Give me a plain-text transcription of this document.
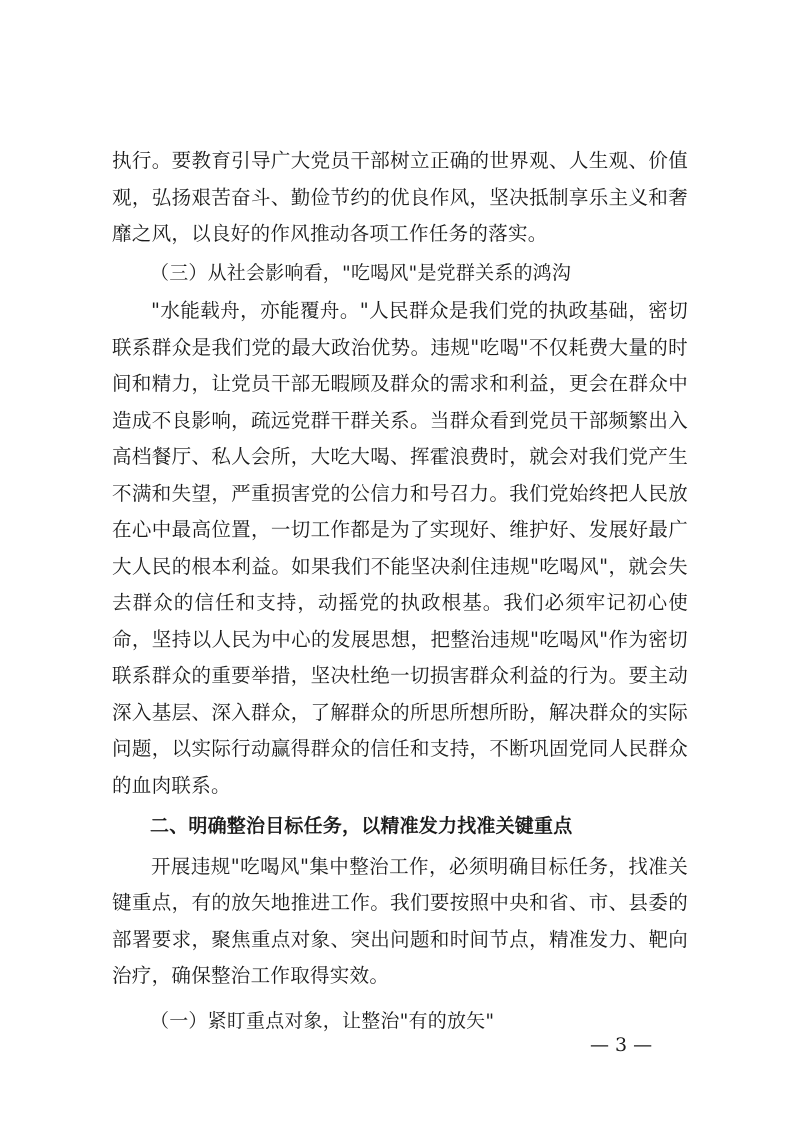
执行。要教育引导广大党员干部树立正确的世界观、人生观、价值观，弘扬艰苦奋斗、勤俭节约的优良作风，坚决抵制享乐主义和奢靡之风，以良好的作风推动各项工作任务的落实。

（三）从社会影响看，"吃喝风"是党群关系的鸿沟

"水能载舟，亦能覆舟。"人民群众是我们党的执政基础，密切联系群众是我们党的最大政治优势。违规"吃喝"不仅耗费大量的时间和精力，让党员干部无暇顾及群众的需求和利益，更会在群众中造成不良影响，疏远党群干群关系。当群众看到党员干部频繁出入高档餐厅、私人会所，大吃大喝、挥霍浪费时，就会对我们党产生不满和失望，严重损害党的公信力和号召力。我们党始终把人民放在心中最高位置，一切工作都是为了实现好、维护好、发展好最广大人民的根本利益。如果我们不能坚决刹住违规"吃喝风"，就会失去群众的信任和支持，动摇党的执政根基。我们必须牢记初心使命，坚持以人民为中心的发展思想，把整治违规"吃喝风"作为密切联系群众的重要举措，坚决杜绝一切损害群众利益的行为。要主动深入基层、深入群众，了解群众的所思所想所盼，解决群众的实际问题，以实际行动赢得群众的信任和支持，不断巩固党同人民群众的血肉联系。

二、明确整治目标任务，以精准发力找准关键重点

开展违规"吃喝风"集中整治工作，必须明确目标任务，找准关键重点，有的放矢地推进工作。我们要按照中央和省、市、县委的部署要求，聚焦重点对象、突出问题和时间节点，精准发力、靶向治疗，确保整治工作取得实效。

（一）紧盯重点对象，让整治"有的放矢"

— 3 —
